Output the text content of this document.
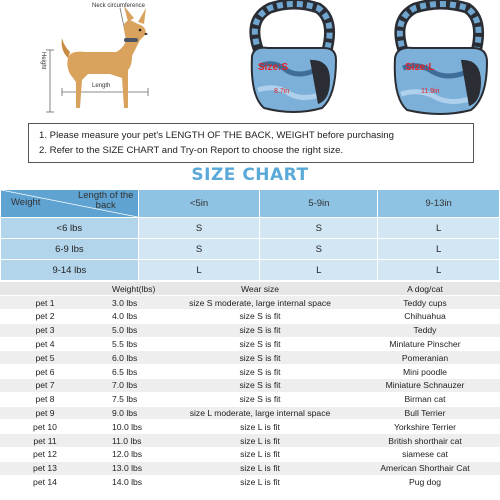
Neck circumference
Height
Length
Size:S
8.7in
Size:L
11.9in
1. Please measure your pet's LENGTH OF THE BACK, WEIGHT before purchasing
2. Refer to the SIZE CHART and Try-on Report to choose the right size.
SIZE CHART
Weight
Length of the back	<5in	5-9in	9-13in
<6 lbs	S	S	L
6-9 lbs	S	S	L
9-14 lbs	L	L	L
	Weight(lbs)	Wear size	A dog/cat
pet 1	3.0 lbs	size S moderate, large internal space	Teddy cups
pet 2	4.0 lbs	size S is fit	Chihuahua
pet 3	5.0 lbs	size S is fit	Teddy
pet 4	5.5 lbs	size S is fit	Minlature Pinscher
pet 5	6.0 lbs	size S is fit	Pomeranian
pet 6	6.5 lbs	size S is fit	Mini poodle
pet 7	7.0 lbs	size S is fit	Miniature Schnauzer
pet 8	7.5 lbs	size S is fit	Birman cat
pet 9	9.0 lbs	size L moderate, large internal space	Bull Terrier
pet 10	10.0 lbs	size L is fit	Yorkshire Terrier
pet 11	11.0 lbs	size L is fit	British shorthair cat
pet 12	12.0 lbs	size L is fit	siamese cat
pet 13	13.0 lbs	size L is fit	American Shorthair Cat
pet 14	14.0 lbs	size L is fit	Pug dog
